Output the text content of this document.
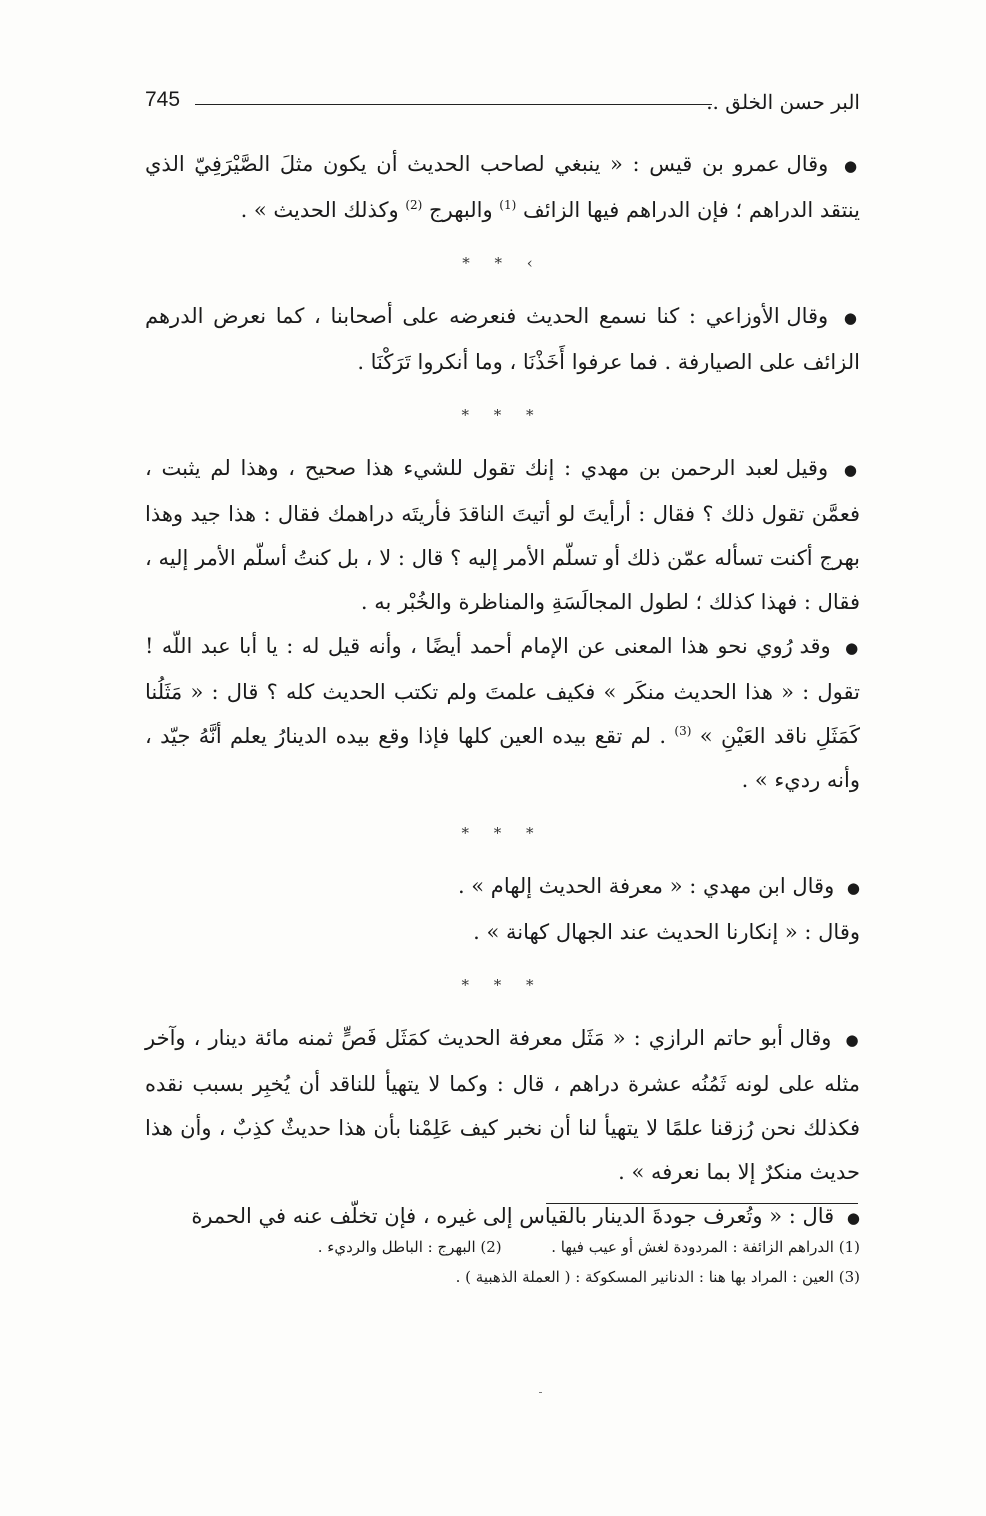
البر حسن الخلق ..
745

● وقال عمرو بن قيس : « ينبغي لصاحب الحديث أن يكون مثلَ الصَّيْرَفِيّ الذي ينتقد الدراهم ؛ فإن الدراهم فيها الزائف $^{(1)}$ والبهرج $^{(2)}$ وكذلك الحديث » .

* * ‹

● وقال الأوزاعي : كنا نسمع الحديث فنعرضه على أصحابنا ، كما نعرض الدرهم الزائف على الصيارفة . فما عرفوا أَخَذْنَا ، وما أنكروا تَرَكْنَا .

* * *

● وقيل لعبد الرحمن بن مهدي : إنك تقول للشيء هذا صحيح ، وهذا لم يثبت ، فعمَّن تقول ذلك ؟ فقال : أرأيتَ لو أتيتَ الناقدَ فأريتَه دراهمك فقال : هذا جيد وهذا بهرج أكنت تسأله عمّن ذلك أو تسلّم الأمر إليه ؟ قال : لا ، بل كنتُ أسلّم الأمر إليه ، فقال : فهذا كذلك ؛ لطول المجالَسَةِ والمناظرة والخُبْر به .

● وقد رُوي نحو هذا المعنى عن الإمام أحمد أيضًا ، وأنه قيل له : يا أبا عبد اللّه ! تقول : « هذا الحديث منكَر » فكيف علمتَ ولم تكتب الحديث كله ؟ قال : « مَثَلُنا كَمَثَلِ ناقد العَيْنِ » $^{(3)}$ . لم تقع بيده العين كلها فإذا وقع بيده الدينارُ يعلم أنَّهُ جيّد ، وأنه رديء » .

* * *

● وقال ابن مهدي : « معرفة الحديث إلهام » .

وقال : « إنكارنا الحديث عند الجهال كهانة » .

* * *

● وقال أبو حاتم الرازي : « مَثَل معرفة الحديث كمَثَل فَصٍّ ثمنه مائة دينار ، وآخر مثله على لونه ثَمُنُه عشرة دراهم ، قال : وكما لا يتهيأ للناقد أن يُخبِر بسبب نقده فكذلك نحن رُزقنا علمًا لا يتهيأ لنا أن نخبر كيف عَلِمْنا بأن هذا حديثٌ كذِبٌ ، وأن هذا حديث منكرٌ إلا بما نعرفه » .

● قال : « وتُعرف جودةَ الدينار بالقياس إلى غيره ، فإن تخلّف عنه في الحمرة

(1) الدراهم الزائفة : المردودة لغش أو عيب فيها .  (2) البهرج : الباطل والرديء .
(3) العين : المراد بها هنا : الدنانير المسكوكة : ( العملة الذهبية ) .
